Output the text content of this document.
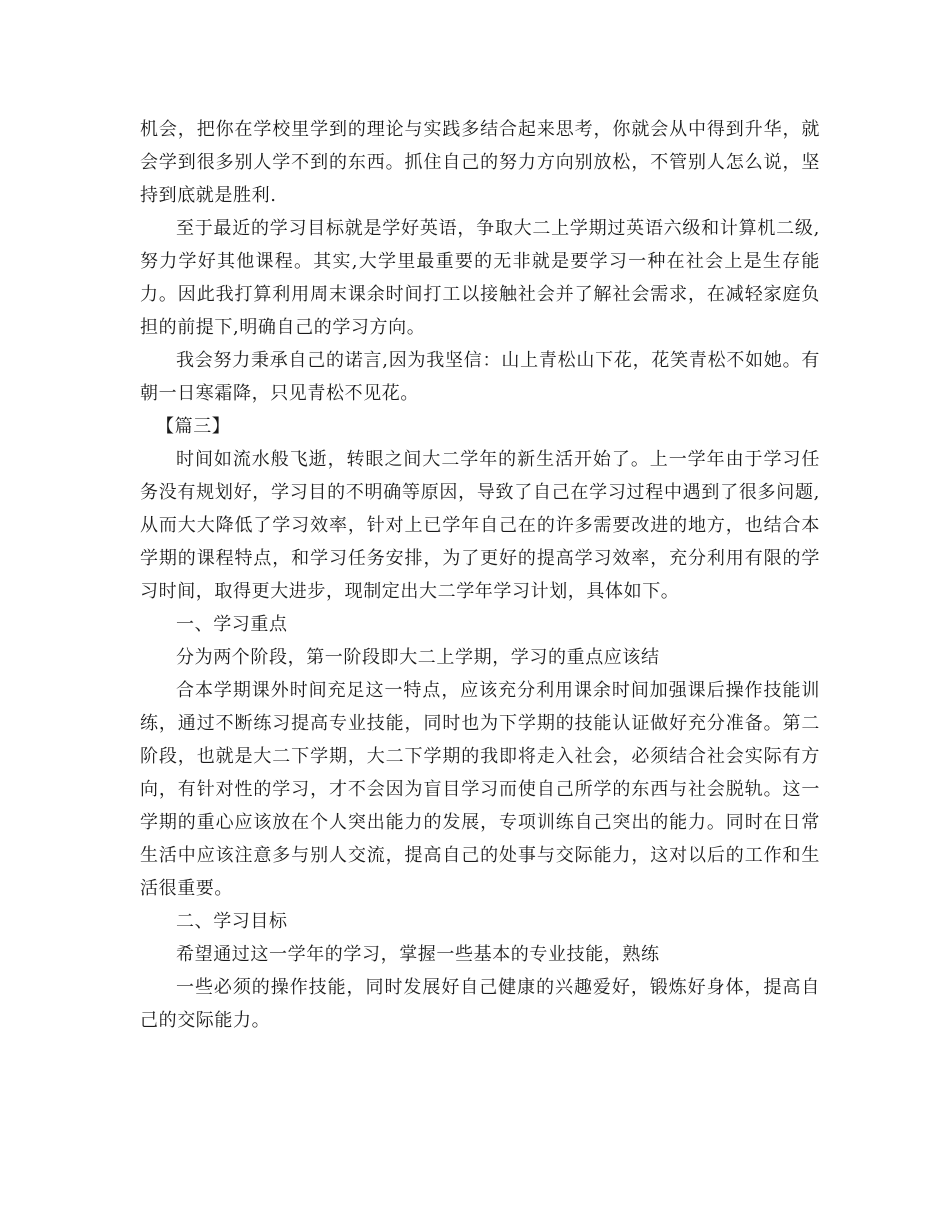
机会，把你在学校里学到的理论与实践多结合起来思考，你就会从中得到升华，就会学到很多别人学不到的东西。抓住自己的努力方向别放松，不管别人怎么说，坚持到底就是胜利.

至于最近的学习目标就是学好英语，争取大二上学期过英语六级和计算机二级,努力学好其他课程。其实,大学里最重要的无非就是要学习一种在社会上是生存能力。因此我打算利用周末课余时间打工以接触社会并了解社会需求，在减轻家庭负担的前提下,明确自己的学习方向。

我会努力秉承自己的诺言,因为我坚信：山上青松山下花，花笑青松不如她。有朝一日寒霜降，只见青松不见花。

【篇三】

时间如流水般飞逝，转眼之间大二学年的新生活开始了。上一学年由于学习任务没有规划好，学习目的不明确等原因，导致了自己在学习过程中遇到了很多问题,从而大大降低了学习效率，针对上已学年自己在的许多需要改进的地方，也结合本学期的课程特点，和学习任务安排，为了更好的提高学习效率，充分利用有限的学习时间，取得更大进步，现制定出大二学年学习计划，具体如下。

一、学习重点

分为两个阶段，第一阶段即大二上学期，学习的重点应该结

合本学期课外时间充足这一特点，应该充分利用课余时间加强课后操作技能训练，通过不断练习提高专业技能，同时也为下学期的技能认证做好充分准备。第二阶段，也就是大二下学期，大二下学期的我即将走入社会，必须结合社会实际有方向，有针对性的学习，才不会因为盲目学习而使自己所学的东西与社会脱轨。这一学期的重心应该放在个人突出能力的发展，专项训练自己突出的能力。同时在日常生活中应该注意多与别人交流，提高自己的处事与交际能力，这对以后的工作和生活很重要。

二、学习目标

希望通过这一学年的学习，掌握一些基本的专业技能，熟练

一些必须的操作技能，同时发展好自己健康的兴趣爱好，锻炼好身体，提高自己的交际能力。
